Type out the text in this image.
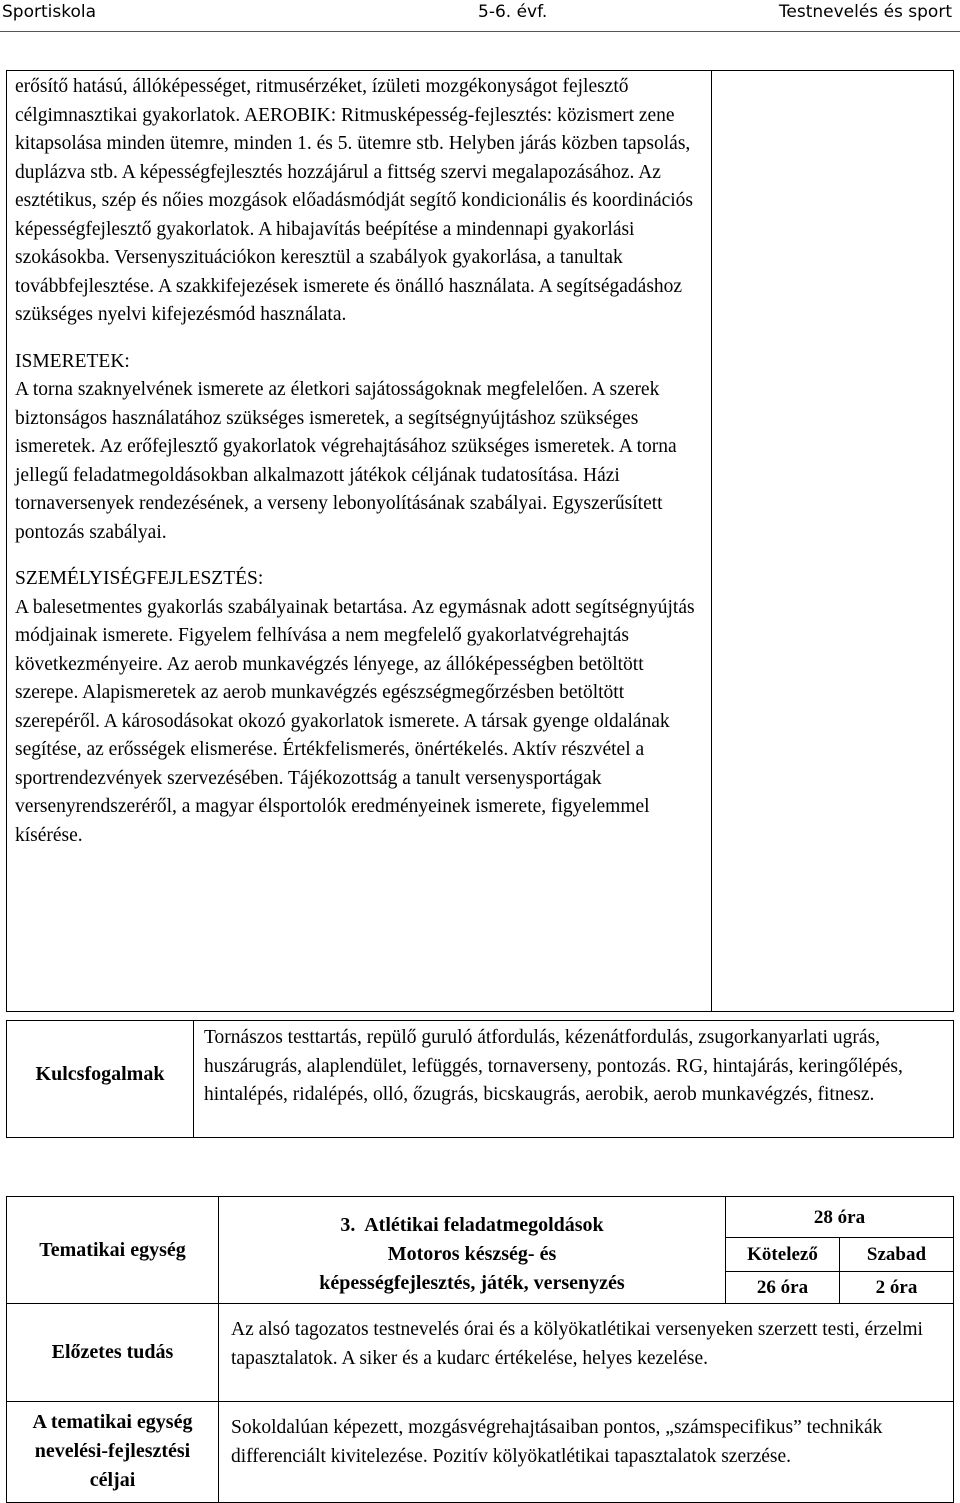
Sportiskola	5-6. évf.	Testnevelés és sport

erősítő hatású, állóképességet, ritmusérzéket, ízületi mozgékonyságot fejlesztő célgimnasztikai gyakorlatok. AEROBIK: Ritmusképesség-fejlesztés: közismert zene kitapsolása minden ütemre, minden 1. és 5. ütemre stb. Helyben járás közben tapsolás, duplázva stb. A képességfejlesztés hozzájárul a fittség szervi megalapozásához. Az esztétikus, szép és nőies mozgások előadásmódját segítő kondicionális és koordinációs képességfejlesztő gyakorlatok. A hibajavítás beépítése a mindennapi gyakorlási szokásokba. Versenyszituációkon keresztül a szabályok gyakorlása, a tanultak továbbfejlesztése. A szakkifejezések ismerete és önálló használata. A segítségadáshoz szükséges nyelvi kifejezésmód használata.

ISMERETEK:

A torna szaknyelvének ismerete az életkori sajátosságoknak megfelelően. A szerek biztonságos használatához szükséges ismeretek, a segítségnyújtáshoz szükséges ismeretek. Az erőfejlesztő gyakorlatok végrehajtásához szükséges ismeretek. A torna jellegű feladatmegoldásokban alkalmazott játékok céljának tudatosítása. Házi tornaversenyek rendezésének, a verseny lebonyolításának szabályai. Egyszerűsített pontozás szabályai.

SZEMÉLYISÉGFEJLESZTÉS:

A balesetmentes gyakorlás szabályainak betartása. Az egymásnak adott segítségnyújtás módjainak ismerete. Figyelem felhívása a nem megfelelő gyakorlatvégrehajtás következményeire. Az aerob munkavégzés lényege, az állóképességben betöltött szerepe. Alapismeretek az aerob munkavégzés egészségmegőrzésben betöltött szerepéről. A károsodásokat okozó gyakorlatok ismerete. A társak gyenge oldalának segítése, az erősségek elismerése. Értékfelismerés, önértékelés. Aktív részvétel a sportrendezvények szervezésében. Tájékozottság a tanult versenysportágak versenyrendszeréről, a magyar élsportolók eredményeinek ismerete, figyelemmel kísérése.

Kulcsfogalmak
Tornászos testtartás, repülő guruló átfordulás, kézenátfordulás, zsugorkanyarlati ugrás, huszárugrás, alaplendület, lefüggés, tornaverseny, pontozás. RG, hintajárás, keringőlépés, hintalépés, ridalépés, olló, őzugrás, bicskaugrás, aerobik, aerob munkavégzés, fitnesz.
Tematikai egység
3. Atlétikai feladatmegoldások
Motoros készség- és
képességfejlesztés, játék, versenyzés
28 óra
Kötelező	Szabad
26 óra	2 óra
Előzetes tudás
Az alsó tagozatos testnevelés órai és a kölyökatlétikai versenyeken szerzett testi, érzelmi tapasztalatok. A siker és a kudarc értékelése, helyes kezelése.
A tematikai egység nevelési-fejlesztési céljai
Sokoldalúan képezett, mozgásvégrehajtásaiban pontos, „számspecifikus” technikák differenciált kivitelezése. Pozitív kölyökatlétikai tapasztalatok szerzése.
